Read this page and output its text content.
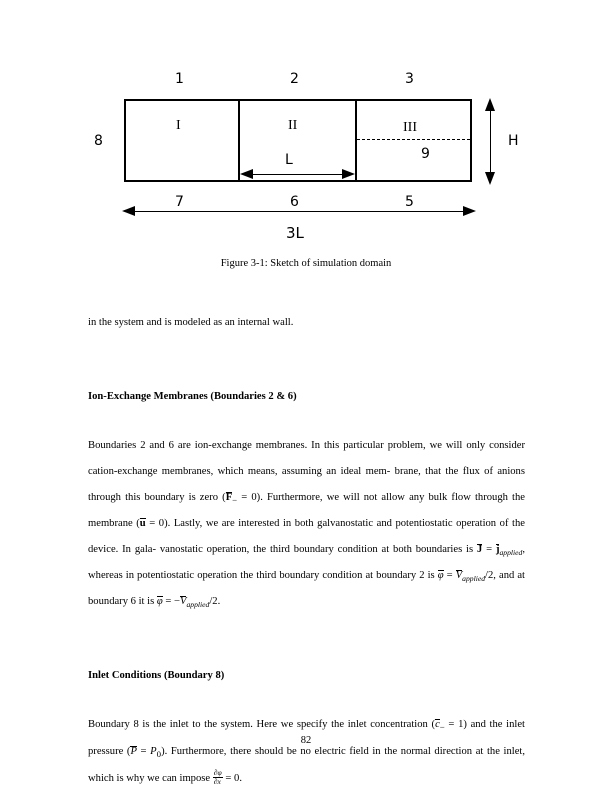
1	2	3
8
I	II	III
9
L
7	6	5
3L
H
Figure 3-1: Sketch of simulation domain

in the system and is modeled as an internal wall.

Ion-Exchange Membranes (Boundaries 2 & 6)

Boundaries 2 and 6 are ion-exchange membranes. In this particular problem, we will only consider cation-exchange membranes, which means, assuming an ideal mem- brane, that the flux of anions through this boundary is zero $(F_- = 0)$. Furthermore, we will not allow any bulk flow through the membrane (u = 0). Lastly, we are interested in both galvanostatic and potentiostatic operation of the device. In gala- vanostatic operation, the third boundary condition at both boundaries is $J = j_{applied}$, whereas in potentiostatic operation the third boundary condition at boundary 2 is $\varphi = V_{applied}/2$, and at boundary 6 it is $\varphi = -V_{applied}/2$.

Inlet Conditions (Boundary 8)

Boundary 8 is the inlet to the system. Here we specify the inlet concentration $(c_- = 1)$ and the inlet pressure $(P = P_0)$. Furthermore, there should be no electric field in the normal direction at the inlet, which is why we can impose $\frac{\partial\varphi}{\partial x} = 0$.

82
